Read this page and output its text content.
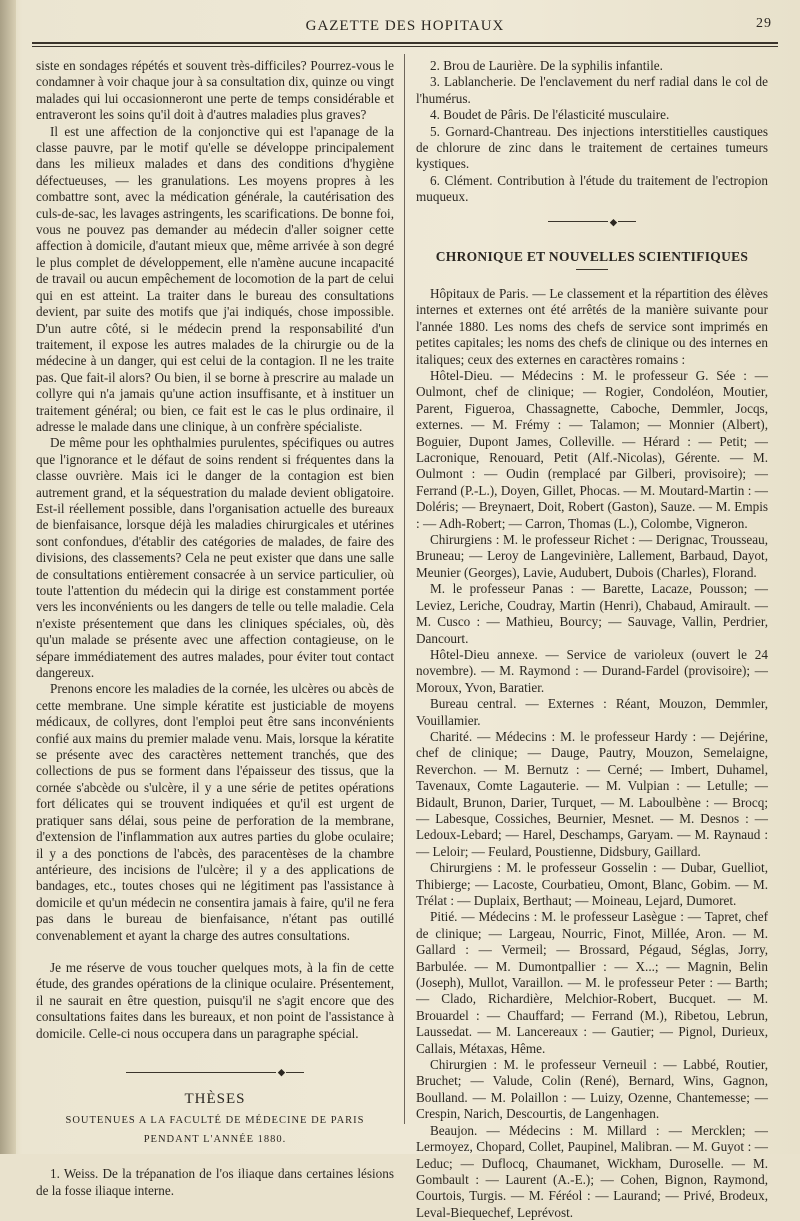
GAZETTE DES HOPITAUX	29

siste en sondages répétés et souvent très-difficiles? Pourrez-vous le condamner à voir chaque jour à sa consultation dix, quinze ou vingt malades qui lui occasionneront une perte de temps considérable et entraveront les soins qu'il doit à d'autres maladies plus graves?

Il est une affection de la conjonctive qui est l'apanage de la classe pauvre, par le motif qu'elle se développe principalement dans les milieux malades et dans des conditions d'hygiène défectueuses, — les granulations. Les moyens propres à les combattre sont, avec la médication générale, la cautérisation des culs-de-sac, les lavages astringents, les scarifications. De bonne foi, vous ne pouvez pas demander au médecin d'aller soigner cette affection à domicile, d'autant mieux que, même arrivée à son degré le plus complet de développement, elle n'amène aucune incapacité de travail ou aucun empêchement de locomotion de la part de celui qui en est atteint. La traiter dans le bureau des consultations devient, par suite des motifs que j'ai indiqués, chose impossible. D'un autre côté, si le médecin prend la responsabilité d'un traitement, il expose les autres malades de la chirurgie ou de la médecine à un danger, qui est celui de la contagion. Il ne les traite pas. Que fait-il alors? Ou bien, il se borne à prescrire au malade un collyre qui n'a jamais qu'une action insuffisante, et à instituer un traitement général; ou bien, ce fait est le cas le plus ordinaire, il adresse le malade dans une clinique, à un confrère spécialiste.

De même pour les ophthalmies purulentes, spécifiques ou autres que l'ignorance et le défaut de soins rendent si fréquentes dans la classe ouvrière. Mais ici le danger de la contagion est bien autrement grand, et la séquestration du malade devient obligatoire. Est-il réellement possible, dans l'organisation actuelle des bureaux de bienfaisance, lorsque déjà les maladies chirurgicales et utérines sont confondues, d'établir des catégories de malades, de faire des divisions, des classements? Cela ne peut exister que dans une salle de consultations entièrement consacrée à un service particulier, où toute l'attention du médecin qui la dirige est constamment portée vers les inconvénients ou les dangers de telle ou telle maladie. Cela n'existe présentement que dans les cliniques spéciales, où, dès qu'un malade se présente avec une affection contagieuse, on le sépare immédiatement des autres malades, pour éviter tout contact dangereux.

Prenons encore les maladies de la cornée, les ulcères ou abcès de cette membrane. Une simple kératite est justiciable de moyens médicaux, de collyres, dont l'emploi peut être sans inconvénients confié aux mains du premier malade venu. Mais, lorsque la kératite se présente avec des caractères nettement tranchés, que des collections de pus se forment dans l'épaisseur des tissus, que la cornée s'abcède ou s'ulcère, il y a une série de petites opérations fort délicates qui se trouvent indiquées et qu'il est urgent de pratiquer sans délai, sous peine de perforation de la membrane, d'extension de l'inflammation aux autres parties du globe oculaire; il y a des ponctions de l'abcès, des paracentèses de la chambre antérieure, des incisions de l'ulcère; il y a des applications de bandages, etc., toutes choses qui ne légitiment pas l'assistance à domicile et qu'un médecin ne consentira jamais à faire, qu'il ne fera pas dans le bureau de bienfaisance, n'étant pas outillé convenablement et ayant la charge des autres consultations.

Je me réserve de vous toucher quelques mots, à la fin de cette étude, des grandes opérations de la clinique oculaire. Présentement, il ne saurait en être question, puisqu'il ne s'agit encore que des consultations faites dans les bureaux, et non point de l'assistance à domicile. Celle-ci nous occupera dans un paragraphe spécial.

◆
THÈSES
SOUTENUES A LA FACULTÉ DE MÉDECINE DE PARIS
PENDANT L'ANNÉE 1880.

1. Weiss. De la trépanation de l'os iliaque dans certaines lésions de la fosse iliaque interne.

2. Brou de Laurière. De la syphilis infantile.

3. Lablancherie. De l'enclavement du nerf radial dans le col de l'humérus.

4. Boudet de Pâris. De l'élasticité musculaire.

5. Gornard-Chantreau. Des injections interstitielles caustiques de chlorure de zinc dans le traitement de certaines tumeurs kystiques.

6. Clément. Contribution à l'étude du traitement de l'ectropion muqueux.

◆
CHRONIQUE ET NOUVELLES SCIENTIFIQUES

Hôpitaux de Paris. — Le classement et la répartition des élèves internes et externes ont été arrêtés de la manière suivante pour l'année 1880. Les noms des chefs de service sont imprimés en petites capitales; les noms des chefs de clinique ou des internes en italiques; ceux des externes en caractères romains :

Hôtel-Dieu. — Médecins : M. le professeur G. Sée : — Oulmont, chef de clinique; — Rogier, Condoléon, Moutier, Parent, Figueroa, Chassagnette, Caboche, Demmler, Jocqs, externes. — M. Frémy : — Talamon; — Monnier (Albert), Boguier, Dupont James, Colleville. — Hérard : — Petit; — Lacronique, Renouard, Petit (Alf.-Nicolas), Gérente. — M. Oulmont : — Oudin (remplacé par Gilberi, provisoire); — Ferrand (P.-L.), Doyen, Gillet, Phocas. — M. Moutard-Martin : — Doléris; — Breynaert, Doit, Robert (Gaston), Sauze. — M. Empis : — Adh-Robert; — Carron, Thomas (L.), Colombe, Vigneron.

Chirurgiens : M. le professeur Richet : — Derignac, Trousseau, Bruneau; — Leroy de Langevinière, Lallement, Barbaud, Dayot, Meunier (Georges), Lavie, Audubert, Dubois (Charles), Florand.

M. le professeur Panas : — Barette, Lacaze, Pousson; — Leviez, Leriche, Coudray, Martin (Henri), Chabaud, Amirault. — M. Cusco : — Mathieu, Bourcy; — Sauvage, Vallin, Perdrier, Dancourt.

Hôtel-Dieu annexe. — Service de varioleux (ouvert le 24 novembre). — M. Raymond : — Durand-Fardel (provisoire); — Moroux, Yvon, Baratier.

Bureau central. — Externes : Réant, Mouzon, Demmler, Vouillamier.

Charité. — Médecins : M. le professeur Hardy : — Dejérine, chef de clinique; — Dauge, Pautry, Mouzon, Semelaigne, Reverchon. — M. Bernutz : — Cerné; — Imbert, Duhamel, Tavenaux, Comte Lagauterie. — M. Vulpian : — Letulle; — Bidault, Brunon, Darier, Turquet, — M. Laboulbène : — Brocq; — Labesque, Cossiches, Beurnier, Mesnet. — M. Desnos : — Ledoux-Lebard; — Harel, Deschamps, Garyam. — M. Raynaud : — Leloir; — Feulard, Poustienne, Didsbury, Gaillard.

Chirurgiens : M. le professeur Gosselin : — Dubar, Guelliot, Thibierge; — Lacoste, Courbatieu, Omont, Blanc, Gobim. — M. Trélat : — Duplaix, Berthaut; — Moineau, Lejard, Dumoret.

Pitié. — Médecins : M. le professeur Lasègue : — Tapret, chef de clinique; — Largeau, Nourric, Finot, Millée, Aron. — M. Gallard : — Vermeil; — Brossard, Pégaud, Séglas, Jorry, Barbulée. — M. Dumontpallier : — X...; — Magnin, Belin (Joseph), Mullot, Varaillon. — M. le professeur Peter : — Barth; — Clado, Richardière, Melchior-Robert, Bucquet. — M. Brouardel : — Chauffard; — Ferrand (M.), Ribetou, Lebrun, Laussedat. — M. Lancereaux : — Gautier; — Pignol, Durieux, Callais, Métaxas, Hême.

Chirurgien : M. le professeur Verneuil : — Labbé, Routier, Bruchet; — Valude, Colin (René), Bernard, Wins, Gagnon, Boulland. — M. Polaillon : — Luizy, Ozenne, Chantemesse; — Crespin, Narich, Descourtis, de Langenhagen.

Beaujon. — Médecins : M. Millard : — Mercklen; — Lermoyez, Chopard, Collet, Paupinel, Malibran. — M. Guyot : — Leduc; — Duflocq, Chaumanet, Wickham, Duroselle. — M. Gombault : — Laurent (A.-E.); — Cohen, Bignon, Raymond, Courtois, Turgis. — M. Féréol : — Laurand; — Privé, Brodeux, Leval-Biequechef, Leprévost.
